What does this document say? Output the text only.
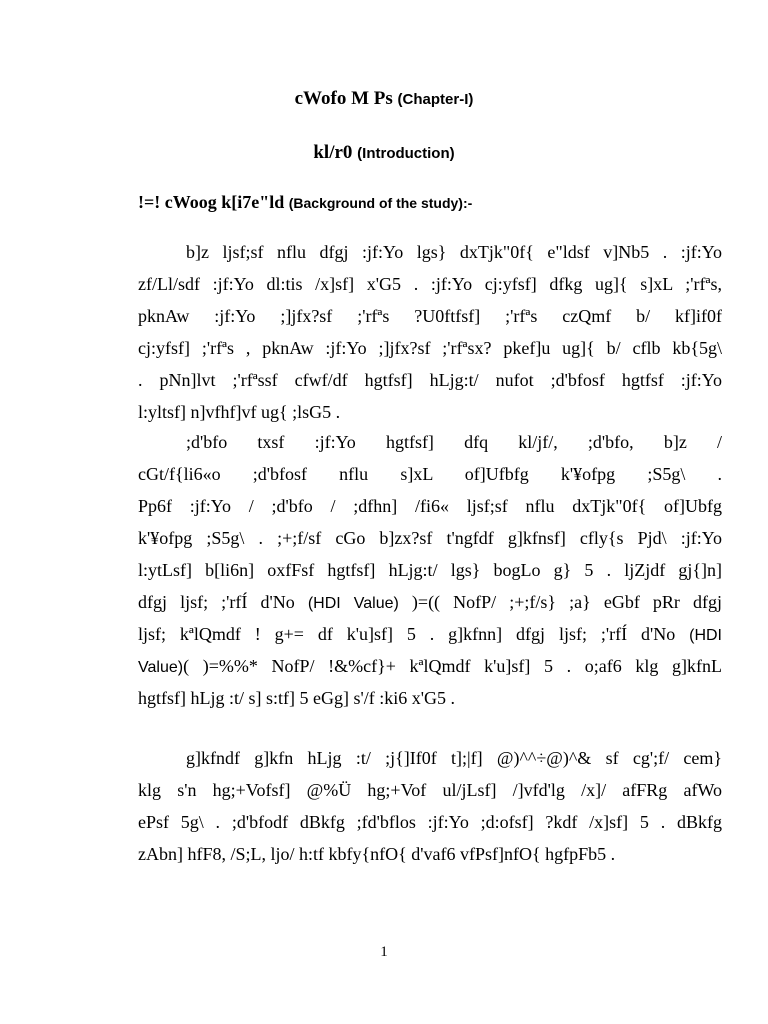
cWofo M Ps (Chapter-I)
kl/r0 (Introduction)
!=! cWoog k[i7e"ld (Background of the study):-
b]z ljsf;sf nflu dfgj :jf:Yo lgs} dxTjk"0f{ e"ldsf v]Nb5 . :jf:Yo
zf/Ll/sdf :jf:Yo dl:tis /x]sf] x'G5 . :jf:Yo cj:yfsf] dfkg ug]{ s]xL ;'rfªs,
pknAw :jf:Yo ;]jfx?sf ;'rfªs ?U0ftfsf] ;'rfªs czQmf b/ kf]if0f
cj:yfsf] ;'rfªs , pknAw :jf:Yo ;]jfx?sf ;'rfªsx? pkef]u ug]{ b/ cflb kb{5g\
. pNn]lvt ;'rfªssf cfwf/df hgtfsf] hLjg:t/ nufot ;d'bfosf hgtfsf :jf:Yo
l:yltsf] n]vfhf]vf ug{ ;lsG5 .
;d'bfo txsf :jf:Yo hgtfsf] dfq kl/jf/, ;d'bfo, b]z /
cGt/f{li6«o ;d'bfosf nflu s]xL of]Ufbfg k'¥ofpg ;S5g\ .
Pp6f :jf:Yo / ;d'bfo / ;dfhn] /fi6« ljsf;sf nflu dxTjk"0f{ of]Ubfg
k'¥ofpg ;S5g\ . ;+;f/sf cGo b]zx?sf t'ngfdf g]kfnsf] cfly{s Pjd\ :jf:Yo
l:ytLsf] b[li6n] oxfFsf hgtfsf] hLjg:t/ lgs} bogLo g} 5 . ljZjdf gj{]n]
dfgj ljsf; ;'rfÍ d'No (HDI Value) )=(( NofP/ ;+;f/s} ;a} eGbf pRr dfgj
ljsf; kªlQmdf ! g+= df k'u]sf] 5 . g]kfnn] dfgj ljsf; ;'rfÍ d'No (HDI
Value)( )=%%* NofP/ !&%cf}+ kªlQmdf k'u]sf] 5 . o;af6 klg g]kfnL
hgtfsf] hLjg :t/ s] s:tf] 5 eGg] s'/f :ki6 x'G5 .
g]kfndf g]kfn hLjg :t/ ;j{]If0f t];|f] @)^^÷@)^& sf cg';f/ cem}
klg s'n hg;+Vofsf] @%Ü hg;+Vof ul/jLsf] /]vfd'lg /x]/ afFRg afWo
ePsf 5g\ . ;d'bfodf dBkfg ;fd'bflos :jf:Yo ;d:ofsf] ?kdf /x]sf] 5 . dBkfg
zAbn] hfF8, /S;L, ljo/ h:tf kbfy{nfO{ d'vaf6 vfPsf]nfO{ hgfpFb5 .
1
